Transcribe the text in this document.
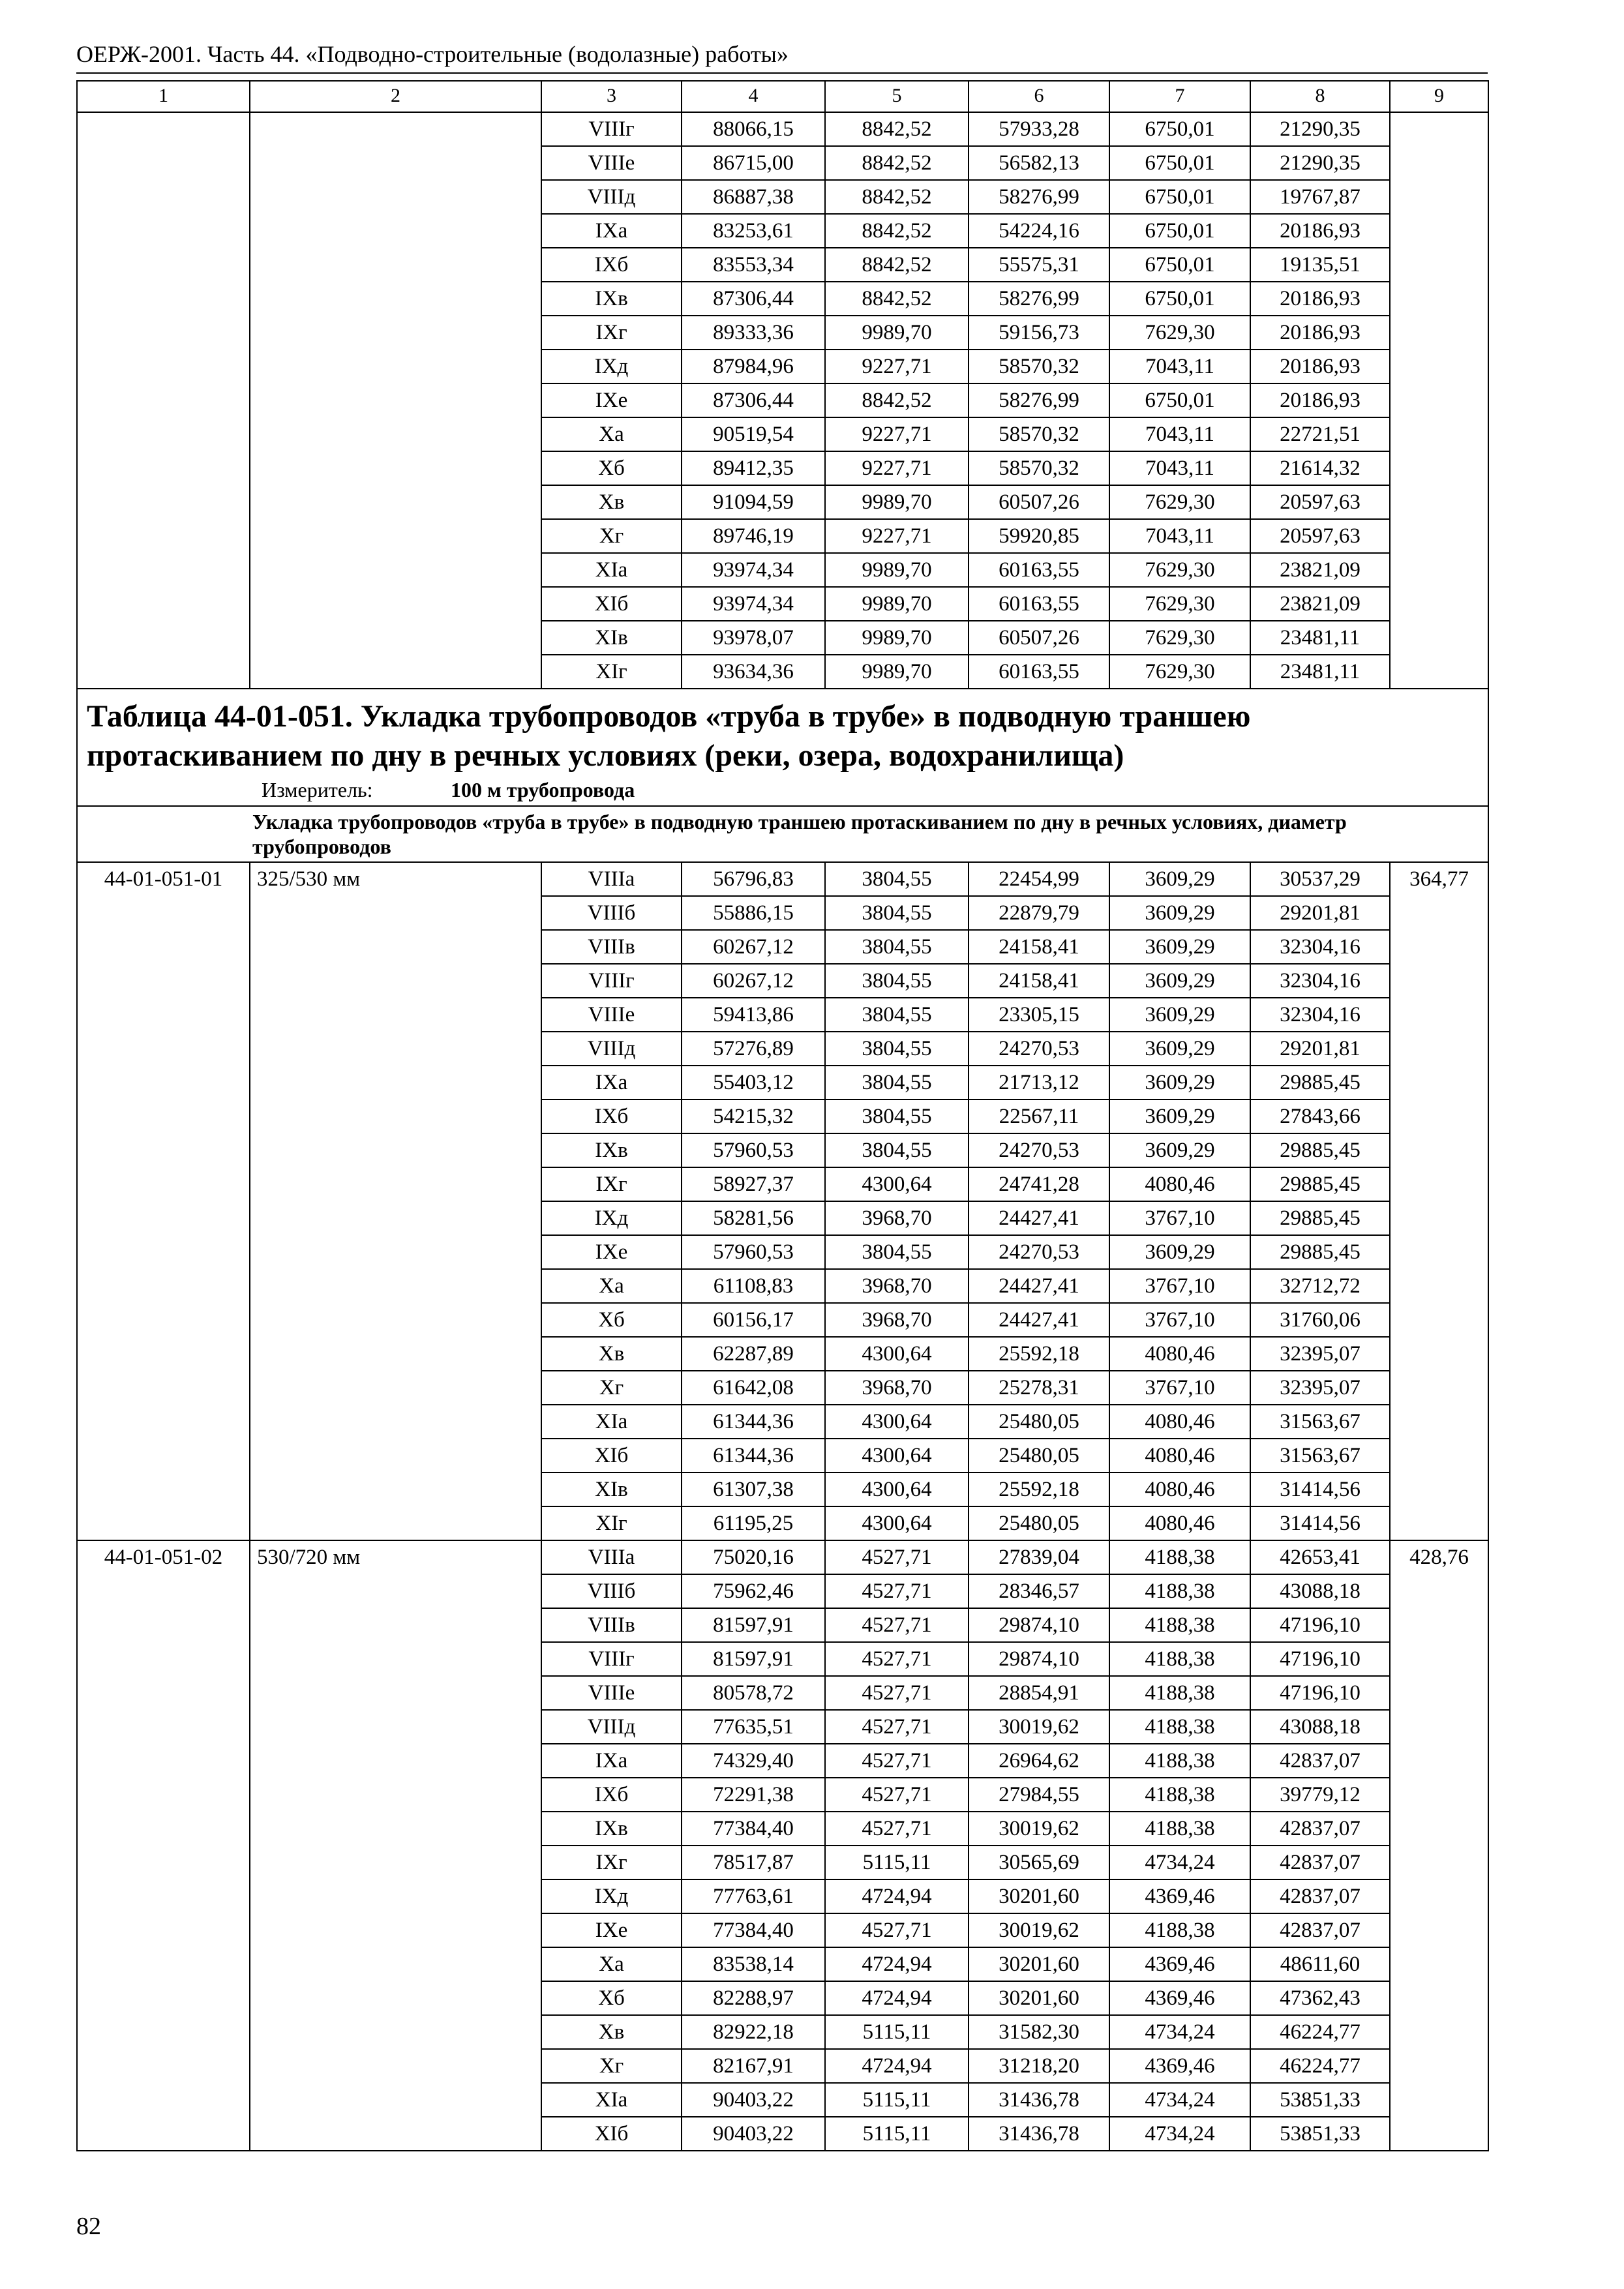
ОЕРЖ-2001. Часть 44. «Подводно-строительные (водолазные) работы»
1	2	3	4	5	6	7	8	9
		VIIIг	88066,15	8842,52	57933,28	6750,01	21290,35	
		VIIIе	86715,00	8842,52	56582,13	6750,01	21290,35	
		VIIIд	86887,38	8842,52	58276,99	6750,01	19767,87	
		IXа	83253,61	8842,52	54224,16	6750,01	20186,93	
		IXб	83553,34	8842,52	55575,31	6750,01	19135,51	
		IXв	87306,44	8842,52	58276,99	6750,01	20186,93	
		IXг	89333,36	9989,70	59156,73	7629,30	20186,93	
		IXд	87984,96	9227,71	58570,32	7043,11	20186,93	
		IXе	87306,44	8842,52	58276,99	6750,01	20186,93	
		Xа	90519,54	9227,71	58570,32	7043,11	22721,51	
		Xб	89412,35	9227,71	58570,32	7043,11	21614,32	
		Xв	91094,59	9989,70	60507,26	7629,30	20597,63	
		Xг	89746,19	9227,71	59920,85	7043,11	20597,63	
		XIа	93974,34	9989,70	60163,55	7629,30	23821,09	
		XIб	93974,34	9989,70	60163,55	7629,30	23821,09	
		XIв	93978,07	9989,70	60507,26	7629,30	23481,11	
		XIг	93634,36	9989,70	60163,55	7629,30	23481,11	

Таблица 44-01-051. Укладка трубопроводов «труба в трубе» в подводную траншею протаскиванием по дну в речных условиях (реки, озера, водохранилища)
Измеритель: 100 м трубопровода								

Укладка трубопроводов «труба в трубе» в подводную траншею протаскиванием по дну в речных условиях, диаметр трубопроводов								

44-01-051-01	325/530 мм	VIIIа	56796,83	3804,55	22454,99	3609,29	30537,29	364,77
		VIIIб	55886,15	3804,55	22879,79	3609,29	29201,81	
		VIIIв	60267,12	3804,55	24158,41	3609,29	32304,16	
		VIIIг	60267,12	3804,55	24158,41	3609,29	32304,16	
		VIIIе	59413,86	3804,55	23305,15	3609,29	32304,16	
		VIIIд	57276,89	3804,55	24270,53	3609,29	29201,81	
		IXа	55403,12	3804,55	21713,12	3609,29	29885,45	
		IXб	54215,32	3804,55	22567,11	3609,29	27843,66	
		IXв	57960,53	3804,55	24270,53	3609,29	29885,45	
		IXг	58927,37	4300,64	24741,28	4080,46	29885,45	
		IXд	58281,56	3968,70	24427,41	3767,10	29885,45	
		IXе	57960,53	3804,55	24270,53	3609,29	29885,45	
		Xа	61108,83	3968,70	24427,41	3767,10	32712,72	
		Xб	60156,17	3968,70	24427,41	3767,10	31760,06	
		Xв	62287,89	4300,64	25592,18	4080,46	32395,07	
		Xг	61642,08	3968,70	25278,31	3767,10	32395,07	
		XIа	61344,36	4300,64	25480,05	4080,46	31563,67	
		XIб	61344,36	4300,64	25480,05	4080,46	31563,67	
		XIв	61307,38	4300,64	25592,18	4080,46	31414,56	
		XIг	61195,25	4300,64	25480,05	4080,46	31414,56	
44-01-051-02	530/720 мм	VIIIа	75020,16	4527,71	27839,04	4188,38	42653,41	428,76
		VIIIб	75962,46	4527,71	28346,57	4188,38	43088,18	
		VIIIв	81597,91	4527,71	29874,10	4188,38	47196,10	
		VIIIг	81597,91	4527,71	29874,10	4188,38	47196,10	
		VIIIе	80578,72	4527,71	28854,91	4188,38	47196,10	
		VIIIд	77635,51	4527,71	30019,62	4188,38	43088,18	
		IXа	74329,40	4527,71	26964,62	4188,38	42837,07	
		IXб	72291,38	4527,71	27984,55	4188,38	39779,12	
		IXв	77384,40	4527,71	30019,62	4188,38	42837,07	
		IXг	78517,87	5115,11	30565,69	4734,24	42837,07	
		IXд	77763,61	4724,94	30201,60	4369,46	42837,07	
		IXе	77384,40	4527,71	30019,62	4188,38	42837,07	
		Xа	83538,14	4724,94	30201,60	4369,46	48611,60	
		Xб	82288,97	4724,94	30201,60	4369,46	47362,43	
		Xв	82922,18	5115,11	31582,30	4734,24	46224,77	
		Xг	82167,91	4724,94	31218,20	4369,46	46224,77	
		XIа	90403,22	5115,11	31436,78	4734,24	53851,33	
		XIб	90403,22	5115,11	31436,78	4734,24	53851,33	
82
